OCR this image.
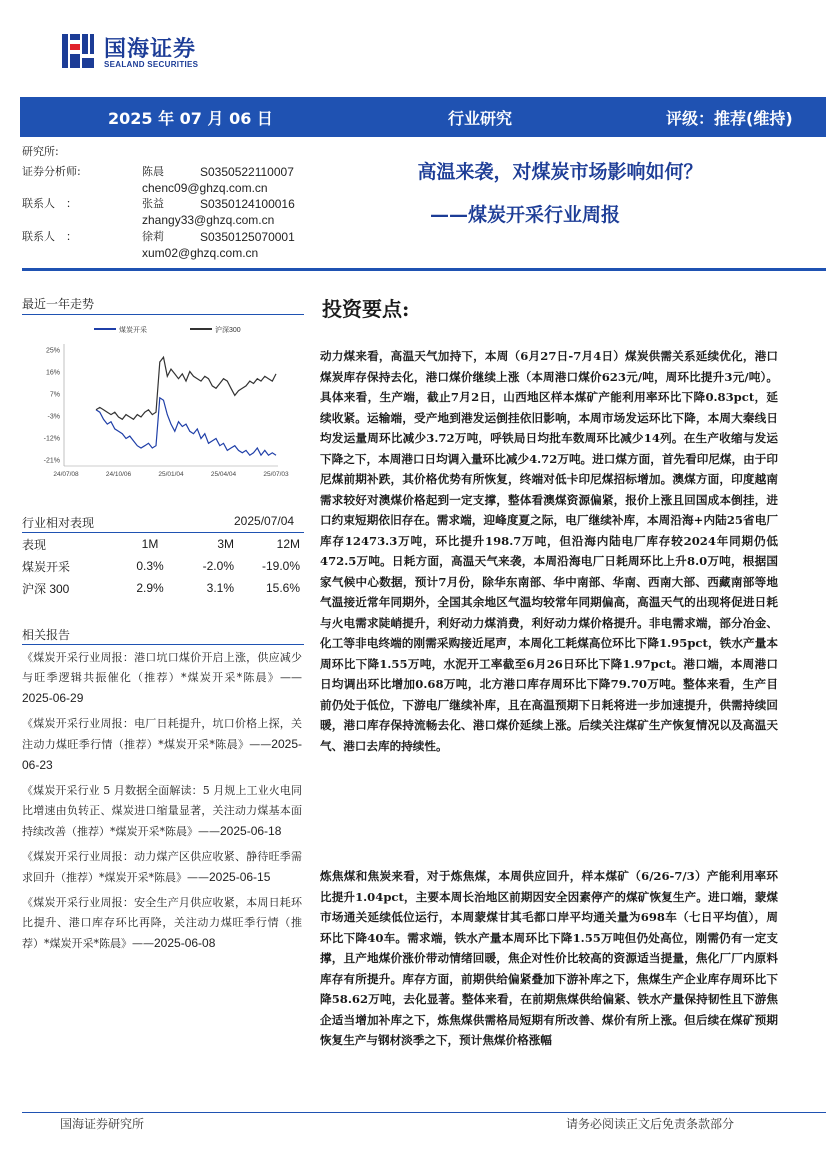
国海证券
SEALAND SECURITIES
2025 年 07 月 06 日	行业研究	评级：推荐(维持)
研究所:
证券分析师:	陈晨	S0350522110007
chenc09@ghzq.com.cn
联系人　：	张益	S0350124100016
zhangy33@ghzq.com.cn
联系人　：	徐莉	S0350125070001
xum02@ghzq.com.cn
高温来袭，对煤炭市场影响如何？
——煤炭开采行业周报
最近一年走势
煤炭开采	沪深300
25%
16%
7%
-3%
-12%
-21%
24/07/08	24/10/06	25/01/04	25/04/04	25/07/03
行业相对表现	2025/07/04
表现	1M	3M	12M
煤炭开采	0.3%	-2.0%	-19.0%
沪深 300	2.9%	3.1%	15.6%
相关报告

《煤炭开采行业周报：港口坑口煤价开启上涨，供应减少与旺季逻辑共振催化（推荐）*煤炭开采*陈晨》——2025-06-29

《煤炭开采行业周报：电厂日耗提升，坑口价格上探，关注动力煤旺季行情（推荐）*煤炭开采*陈晨》——2025-06-23

《煤炭开采行业 5 月数据全面解读：5 月规上工业火电同比增速由负转正、煤炭进口缩量显著，关注动力煤基本面持续改善（推荐）*煤炭开采*陈晨》——2025-06-18

《煤炭开采行业周报：动力煤产区供应收紧、静待旺季需求回升（推荐）*煤炭开采*陈晨》——2025-06-15

《煤炭开采行业周报：安全生产月供应收紧，本周日耗环比提升、港口库存环比再降，关注动力煤旺季行情（推荐）*煤炭开采*陈晨》——2025-06-08

投资要点:
动力煤来看，高温天气加持下，本周（6月27日-7月4日）煤炭供需关系延续优化，港口煤炭库存保持去化，港口煤价继续上涨（本周港口煤价623元/吨，周环比提升3元/吨）。具体来看，生产端，截止7月2日，山西地区样本煤矿产能利用率环比下降0.83pct，延续收紧。运输端，受产地到港发运倒挂依旧影响，本周市场发运环比下降，本周大秦线日均发运量周环比减少3.72万吨，呼铁局日均批车数周环比减少14列。在生产收缩与发运下降之下，本周港口日均调入量环比减少4.72万吨。进口煤方面，首先看印尼煤，由于印尼煤前期补跌，其价格优势有所恢复，终端对低卡印尼煤招标增加。澳煤方面，印度越南需求较好对澳煤价格起到一定支撑，整体看澳煤资源偏紧，报价上涨且回国成本倒挂，进口约束短期依旧存在。需求端，迎峰度夏之际，电厂继续补库，本周沿海+内陆25省电厂库存12473.3万吨，环比提升198.7万吨，但沿海内陆电厂库存较2024年同期仍低472.5万吨。日耗方面，高温天气来袭，本周沿海电厂日耗周环比上升8.0万吨，根据国家气候中心数据，预计7月份，除华东南部、华中南部、华南、西南大部、西藏南部等地气温接近常年同期外，全国其余地区气温均较常年同期偏高，高温天气的出现将促进日耗与火电需求陡峭提升，利好动力煤消费，利好动力煤价格提升。非电需求端，部分冶金、化工等非电终端的刚需采购接近尾声，本周化工耗煤高位环比下降1.95pct，铁水产量本周环比下降1.55万吨，水泥开工率截至6月26日环比下降1.97pct。港口端，本周港口日均调出环比增加0.68万吨，北方港口库存周环比下降79.70万吨。整体来看，生产目前仍处于低位，下游电厂继续补库，且在高温预期下日耗将进一步加速提升，供需持续回暖，港口库存保持流畅去化、港口煤价延续上涨。后续关注煤矿生产恢复情况以及高温天气、港口去库的持续性。
炼焦煤和焦炭来看，对于炼焦煤，本周供应回升，样本煤矿（6/26-7/3）产能利用率环比提升1.04pct，主要本周长治地区前期因安全因素停产的煤矿恢复生产。进口端，蒙煤市场通关延续低位运行，本周蒙煤甘其毛都口岸平均通关量为698车（七日平均值），周环比下降40车。需求端，铁水产量本周环比下降1.55万吨但仍处高位，刚需仍有一定支撑，且产地煤价涨价带动情绪回暖，焦企对性价比较高的资源适当提量，焦化厂厂内原料库存有所提升。库存方面，前期供给偏紧叠加下游补库之下，焦煤生产企业库存周环比下降58.62万吨，去化显著。整体来看，在前期焦煤供给偏紧、铁水产量保持韧性且下游焦企适当增加补库之下，炼焦煤供需格局短期有所改善、煤价有所上涨。但后续在煤矿预期恢复生产与钢材淡季之下，预计焦煤价格涨幅
国海证券研究所	请务必阅读正文后免责条款部分
